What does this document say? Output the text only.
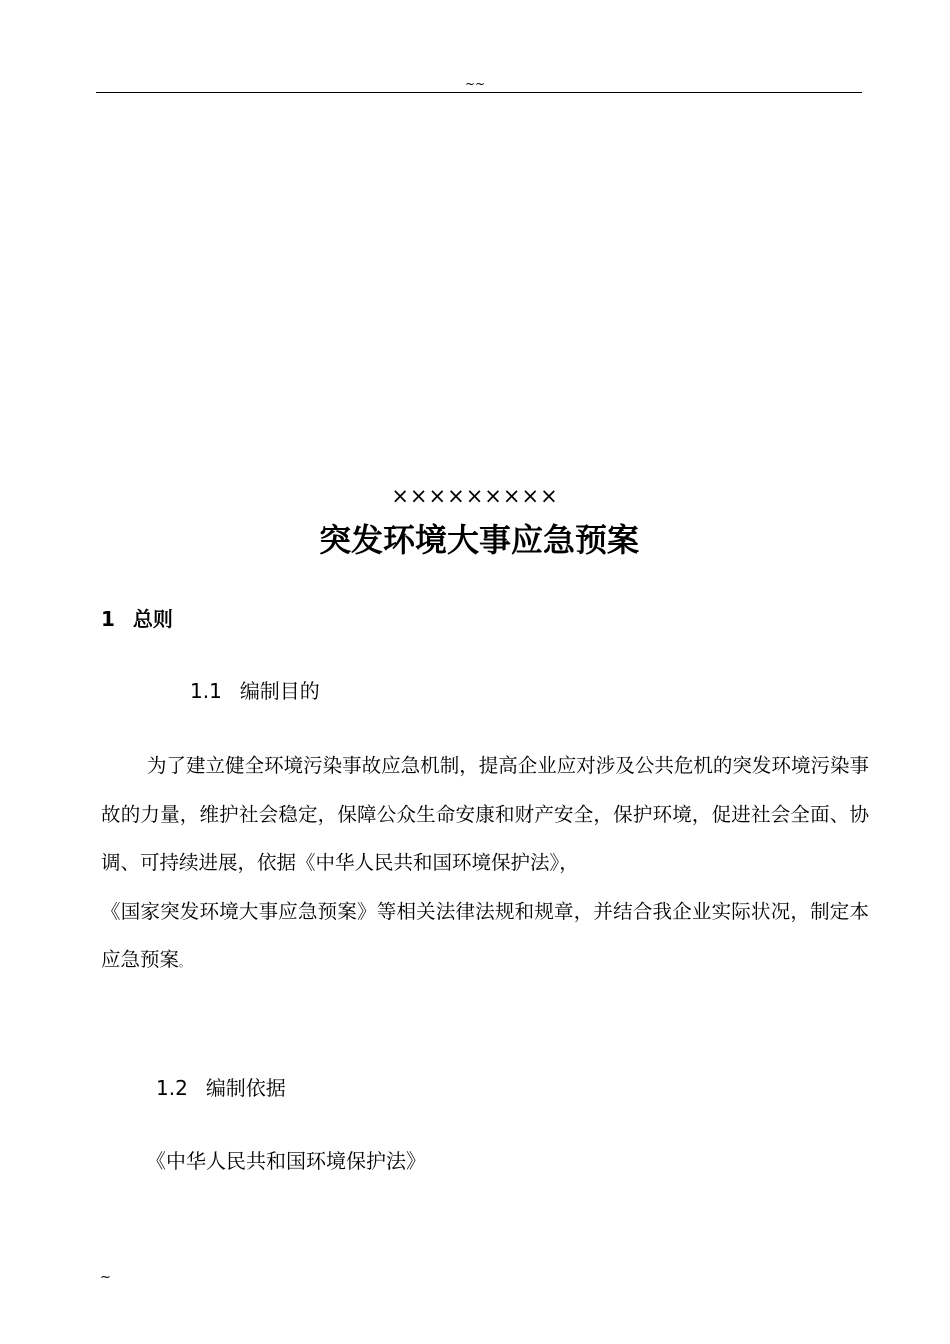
~~
×××××××××
突发环境大事应急预案
1 总则
1.1 编制目的

为了建立健全环境污染事故应急机制，提高企业应对涉及公共危机的突发环境污染事故的力量，维护社会稳定，保障公众生命安康和财产安全，保护环境，促进社会全面、协调、可持续进展，依据《中华人民共和国环境保护法》，

《国家突发环境大事应急预案》等相关法律法规和规章，并结合我企业实际状况，制定本应急预案。

1.2 编制依据
《中华人民共和国环境保护法》
~
